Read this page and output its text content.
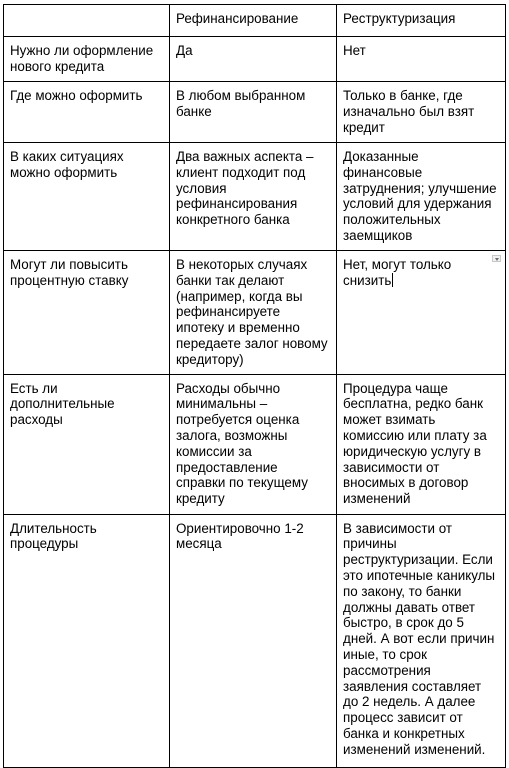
	Рефинансирование	Реструктуризация

Нужно ли оформление нового кредита	Да	Нет

Где можно оформить	В любом выбранном банке	Только в банке, где изначально был взят кредит

В каких ситуациях можно оформить	Два важных аспекта – клиент подходит под условия рефинансирования конкретного банка	Доказанные финансовые затруднения; улучшение условий для удержания положительных заемщиков

Могут ли повысить процентную ставку	В некоторых случаях банки так делают (например, когда вы рефинансируете ипотеку и временно передаете залог новому кредитору)	Нет, могут только снизить

Есть ли дополнительные расходы	Расходы обычно минимальны – потребуется оценка залога, возможны комиссии за предоставление справки по текущему кредиту	Процедура чаще бесплатна, редко банк может взимать комиссию или плату за юридическую услугу в зависимости от вносимых в договор изменений

Длительность процедуры	Ориентировочно 1-2 месяца	В зависимости от причины реструктуризации. Если это ипотечные каникулы по закону, то банки должны давать ответ быстро, в срок до 5 дней. А вот если причин иные, то срок рассмотрения заявления составляет до 2 недель. А далее процесс зависит от банка и конкретных изменений изменений.
